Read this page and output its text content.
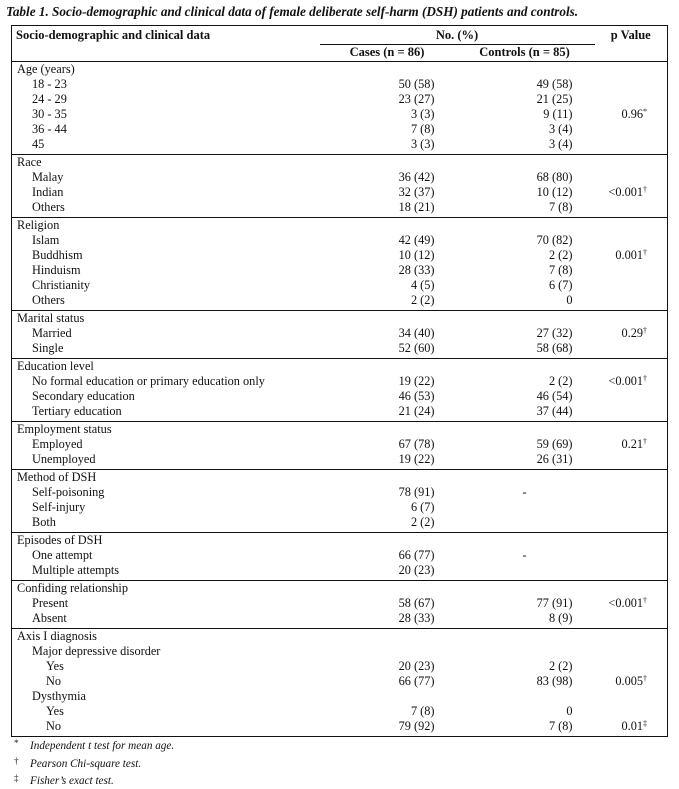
Table 1. Socio-demographic and clinical data of female deliberate self-harm (DSH) patients and controls.
Socio-demographic and clinical data	No. (%)		p Value
	Cases (n = 86)	Controls (n = 85)	
Age (years)			
18 - 23	50 (58)	49 (58)	
24 - 29	23 (27)	21 (25)	
30 - 35	3 (3)	9 (11)	0.96*
36 - 44	7 (8)	3 (4)	
45	3 (3)	3 (4)	

Race			
Malay	36 (42)	68 (80)	
Indian	32 (37)	10 (12)	<0.001†
Others	18 (21)	7 (8)	

Religion			
Islam	42 (49)	70 (82)	
Buddhism	10 (12)	2 (2)	0.001†
Hinduism	28 (33)	7 (8)	
Christianity	4 (5)	6 (7)	
Others	2 (2)	0	

Marital status			
Married	34 (40)	27 (32)	0.29†
Single	52 (60)	58 (68)	

Education level			
No formal education or primary education only	19 (22)	2 (2)	<0.001†
Secondary education	46 (53)	46 (54)	
Tertiary education	21 (24)	37 (44)	

Employment status			
Employed	67 (78)	59 (69)	0.21†
Unemployed	19 (22)	26 (31)	

Method of DSH			
Self-poisoning	78 (91)	-	
Self-injury	6 (7)		
Both	2 (2)		

Episodes of DSH			
One attempt	66 (77)	-	
Multiple attempts	20 (23)		

Confiding relationship			
Present	58 (67)	77 (91)	<0.001†
Absent	28 (33)	8 (9)	

Axis I diagnosis			
Major depressive disorder			
Yes	20 (23)	2 (2)	
No	66 (77)	83 (98)	0.005†
Dysthymia			
Yes	7 (8)	0	
No	79 (92)	7 (8)	0.01‡

* Independent t test for mean age.
† Pearson Chi-square test.
‡ Fisher’s exact test.
